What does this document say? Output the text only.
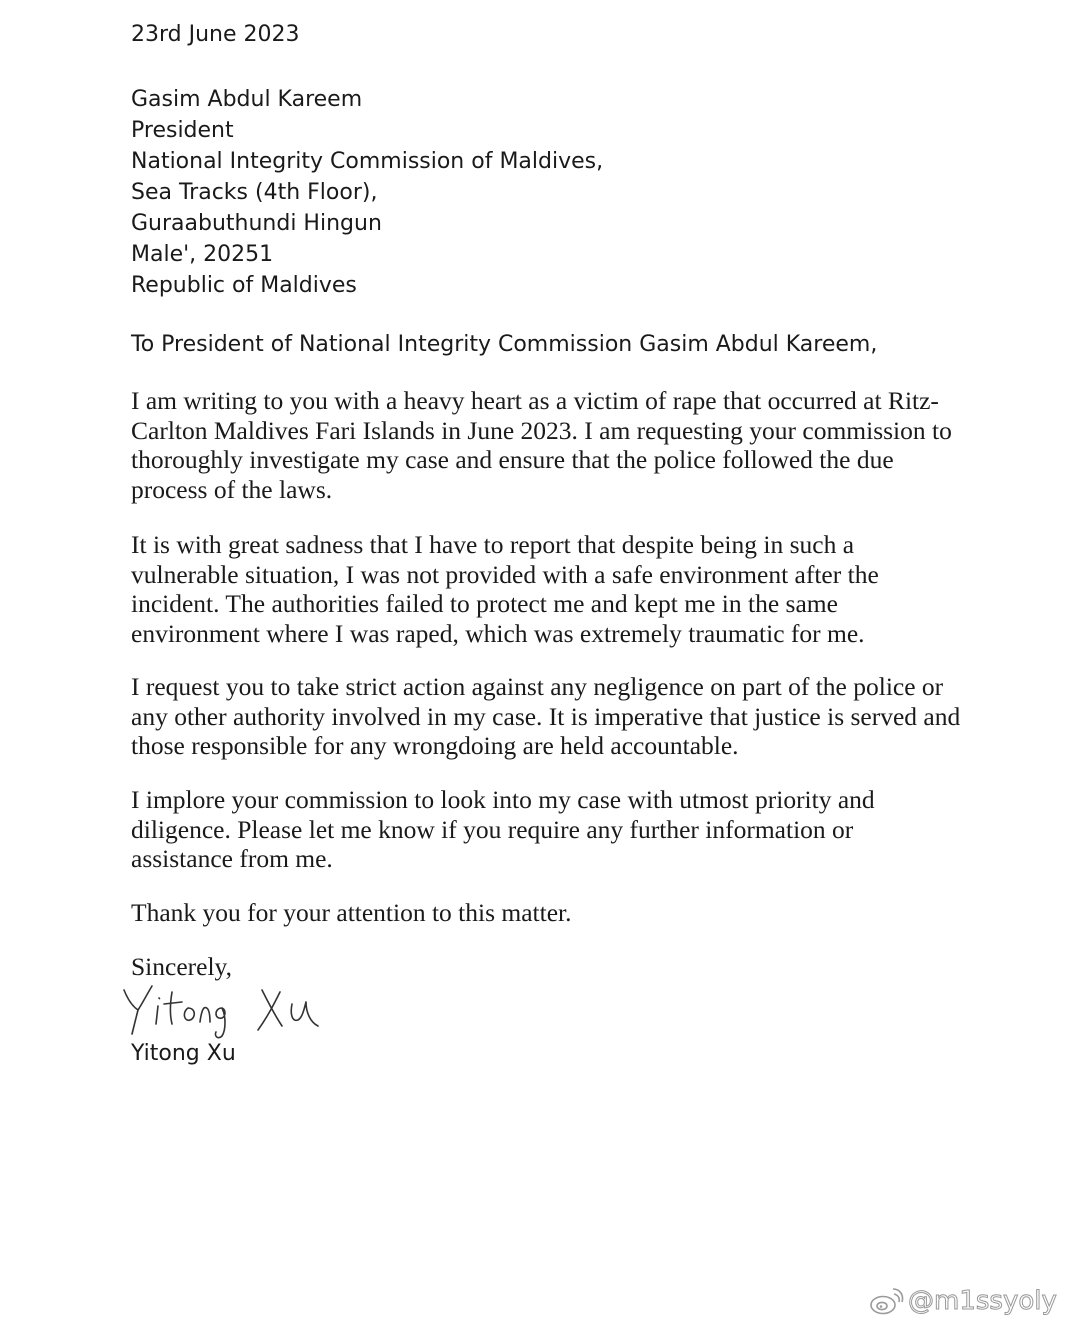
23rd June 2023
Gasim Abdul Kareem
President
National Integrity Commission of Maldives,
Sea Tracks (4th Floor),
Guraabuthundi Hingun
Male', 20251
Republic of Maldives
To President of National Integrity Commission Gasim Abdul Kareem,
I am writing to you with a heavy heart as a victim of rape that occurred at Ritz-Carlton Maldives Fari Islands in June 2023. I am requesting your commission to thoroughly investigate my case and ensure that the police followed the due process of the laws.
It is with great sadness that I have to report that despite being in such a vulnerable situation, I was not provided with a safe environment after the incident. The authorities failed to protect me and kept me in the same environment where I was raped, which was extremely traumatic for me.
I request you to take strict action against any negligence on part of the police or any other authority involved in my case. It is imperative that justice is served and those responsible for any wrongdoing are held accountable.
I implore your commission to look into my case with utmost priority and diligence. Please let me know if you require any further information or assistance from me.
Thank you for your attention to this matter.
Sincerely,
Yitong Xu
@m1ssyoly
